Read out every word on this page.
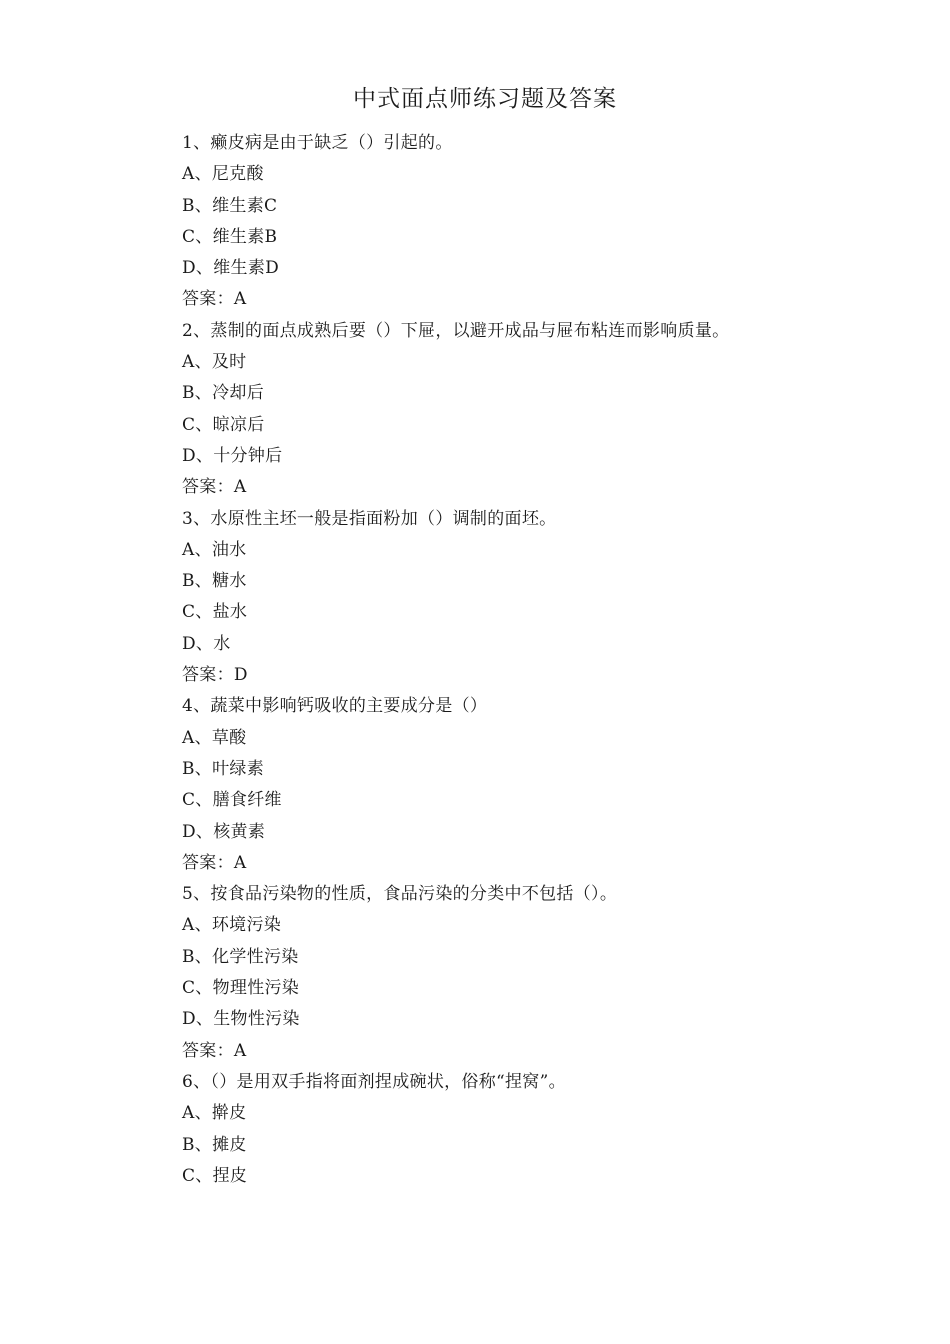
中式面点师练习题及答案
1、癞皮病是由于缺乏（）引起的。
A、尼克酸
B、维生素C
C、维生素B
D、维生素D
答案：A
2、蒸制的面点成熟后要（）下屉，以避开成品与屉布粘连而影响质量。
A、及时
B、冷却后
C、晾凉后
D、十分钟后
答案：A
3、水原性主坯一般是指面粉加（）调制的面坯。
A、油水
B、糖水
C、盐水
D、水
答案：D
4、蔬菜中影响钙吸收的主要成分是（）
A、草酸
B、叶绿素
C、膳食纤维
D、核黄素
答案：A
5、按食品污染物的性质，食品污染的分类中不包括（）。
A、环境污染
B、化学性污染
C、物理性污染
D、生物性污染
答案：A
6、（）是用双手指将面剂捏成碗状，俗称“捏窝”。
A、擀皮
B、摊皮
C、捏皮
